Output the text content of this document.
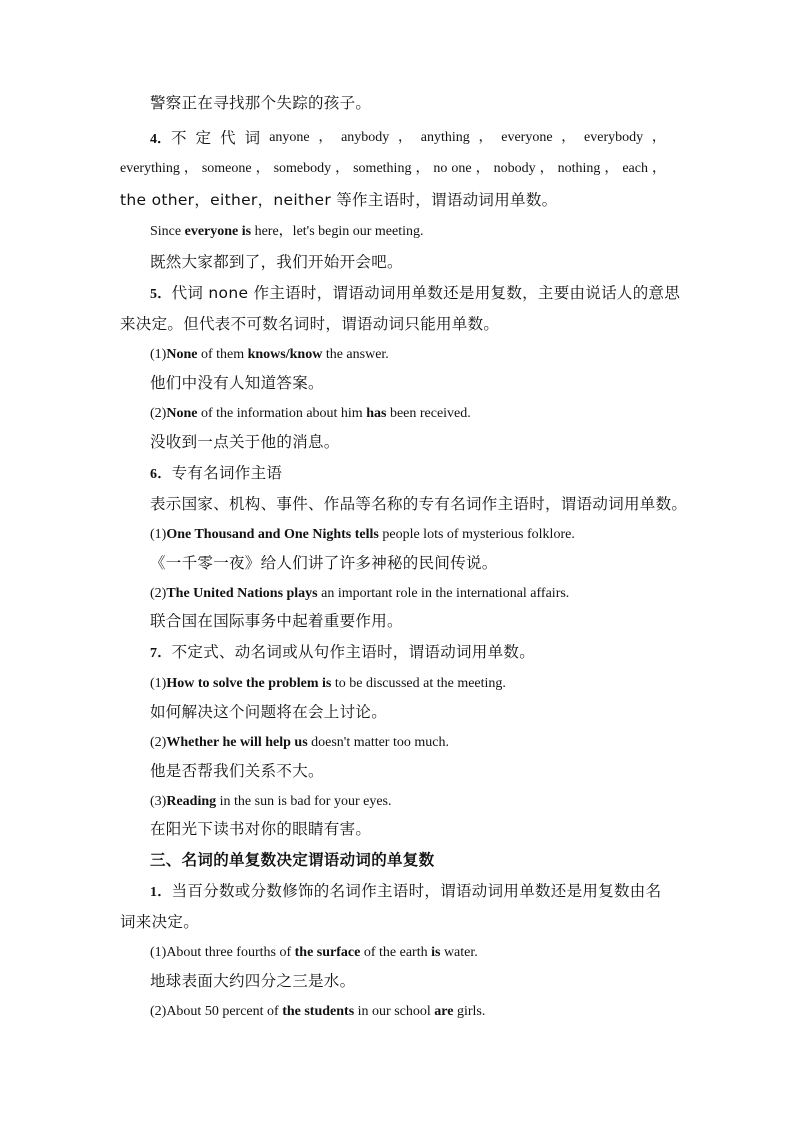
警察正在寻找那个失踪的孩子。
4．不 定 代 词 anyone ， anybody ， anything ， everyone ， everybody ，
everything ， someone ， somebody ， something ， no one ， nobody ， nothing ， each ，
the other，either，neither 等作主语时，谓语动词用单数。
Since everyone is here，let's begin our meeting.
既然大家都到了，我们开始开会吧。
5．代词 none 作主语时，谓语动词用单数还是用复数，主要由说话人的意思
来决定。但代表不可数名词时，谓语动词只能用单数。
(1)None of them knows/know the answer.
他们中没有人知道答案。
(2)None of the information about him has been received.
没收到一点关于他的消息。
6．专有名词作主语
表示国家、机构、事件、作品等名称的专有名词作主语时，谓语动词用单数。
(1)One Thousand and One Nights tells people lots of mysterious folklore.
《一千零一夜》给人们讲了许多神秘的民间传说。
(2)The United Nations plays an important role in the international affairs.
联合国在国际事务中起着重要作用。
7．不定式、动名词或从句作主语时，谓语动词用单数。
(1)How to solve the problem is to be discussed at the meeting.
如何解决这个问题将在会上讨论。
(2)Whether he will help us doesn't matter too much.
他是否帮我们关系不大。
(3)Reading in the sun is bad for your eyes.
在阳光下读书对你的眼睛有害。
三、名词的单复数决定谓语动词的单复数
1．当百分数或分数修饰的名词作主语时，谓语动词用单数还是用复数由名
词来决定。
(1)About three fourths of the surface of the earth is water.
地球表面大约四分之三是水。
(2)About 50 percent of the students in our school are girls.
